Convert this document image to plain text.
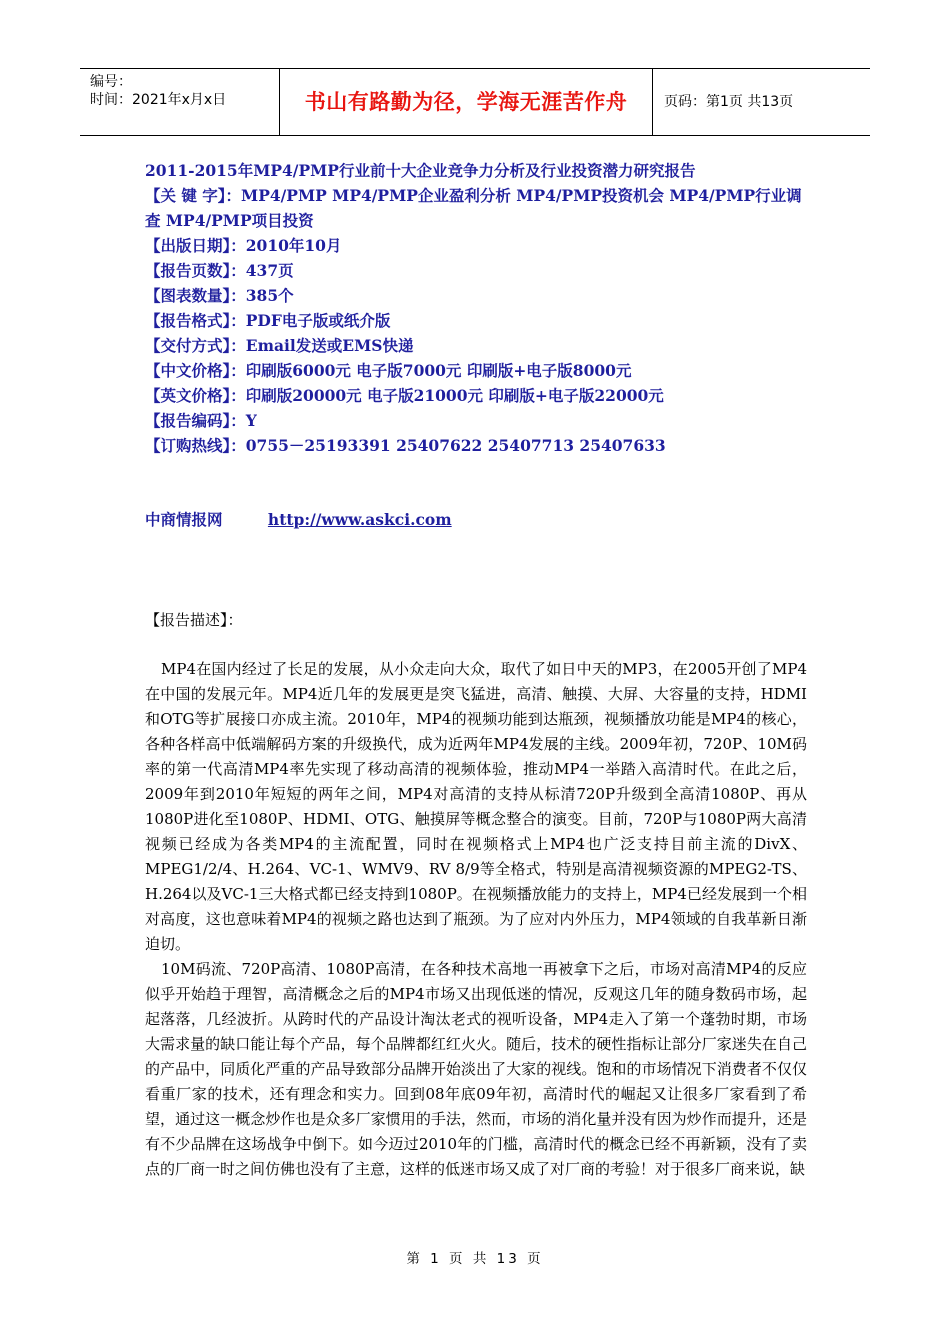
编号：
时间：2021年x月x日	书山有路勤为径，学海无涯苦作舟	页码：第1页 共13页
2011-2015年MP4/PMP行业前十大企业竞争力分析及行业投资潜力研究报告
【关 键 字】：MP4/PMP MP4/PMP企业盈利分析 MP4/PMP投资机会 MP4/PMP行业调查 MP4/PMP项目投资
【出版日期】：2010年10月
【报告页数】：437页
【图表数量】：385个
【报告格式】：PDF电子版或纸介版
【交付方式】：Email发送或EMS快递
【中文价格】：印刷版6000元 电子版7000元 印刷版+电子版8000元
【英文价格】：印刷版20000元 电子版21000元 印刷版+电子版22000元
【报告编码】：Y
【订购热线】：0755－25193391 25407622 25407713 25407633
中商情报网	http://www.askci.com
【报告描述】：

MP4在国内经过了长足的发展，从小众走向大众，取代了如日中天的MP3，在2005开创了MP4在中国的发展元年。MP4近几年的发展更是突飞猛进，高清、触摸、大屏、大容量的支持，HDMI和OTG等扩展接口亦成主流。2010年，MP4的视频功能到达瓶颈，视频播放功能是MP4的核心，各种各样高中低端解码方案的升级换代，成为近两年MP4发展的主线。2009年初，720P、10M码率的第一代高清MP4率先实现了移动高清的视频体验，推动MP4一举踏入高清时代。在此之后，2009年到2010年短短的两年之间，MP4对高清的支持从标清720P升级到全高清1080P、再从1080P进化至1080P、HDMI、OTG、触摸屏等概念整合的演变。目前，720P与1080P两大高清视频已经成为各类MP4的主流配置，同时在视频格式上MP4也广泛支持目前主流的DivX、MPEG1/2/4、H.264、VC-1、WMV9、RV 8/9等全格式，特别是高清视频资源的MPEG2-TS、H.264以及VC-1三大格式都已经支持到1080P。在视频播放能力的支持上，MP4已经发展到一个相对高度，这也意味着MP4的视频之路也达到了瓶颈。为了应对内外压力，MP4领域的自我革新日渐迫切。

10M码流、720P高清、1080P高清，在各种技术高地一再被拿下之后，市场对高清MP4的反应似乎开始趋于理智，高清概念之后的MP4市场又出现低迷的情况，反观这几年的随身数码市场，起起落落，几经波折。从跨时代的产品设计淘汰老式的视听设备，MP4走入了第一个蓬勃时期，市场大需求量的缺口能让每个产品，每个品牌都红红火火。随后，技术的硬性指标让部分厂家迷失在自己的产品中，同质化严重的产品导致部分品牌开始淡出了大家的视线。饱和的市场情况下消费者不仅仅看重厂家的技术，还有理念和实力。回到08年底09年初，高清时代的崛起又让很多厂家看到了希望，通过这一概念炒作也是众多厂家惯用的手法，然而，市场的消化量并没有因为炒作而提升，还是有不少品牌在这场战争中倒下。如今迈过2010年的门槛，高清时代的概念已经不再新颖，没有了卖点的厂商一时之间仿佛也没有了主意，这样的低迷市场又成了对厂商的考验！对于很多厂商来说，缺

第 1 页 共 13 页
